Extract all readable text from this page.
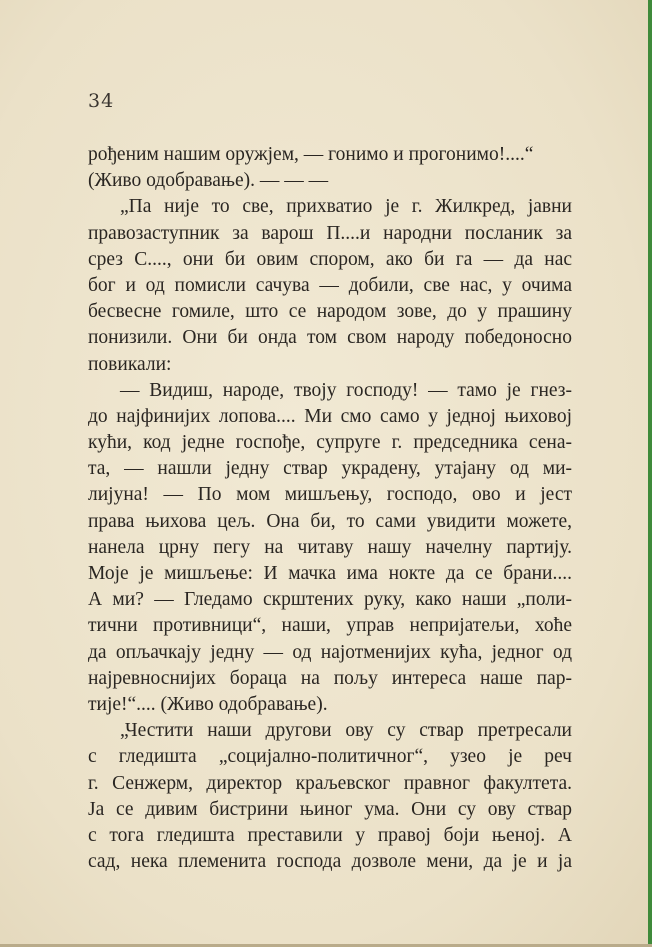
34
рођеним нашим оружјем, — гонимо и прогонимо!....“
(Живо одобравање). — — —
„Па није то све, прихватио је г. Жилкред, јавни
правозаступник за варош П....и народни посланик за
срез С...., они би овим спором, ако би га — да нас
бог и од помисли сачува — добили, све нас, у очима
бесвесне гомиле, што се народом зове, до у прашину
понизили. Они би онда том свом народу победоносно
повикали:
— Видиш, народе, твоју господу! — тамо је гнез-
до најфинијих лопова.... Ми смо само у једној њиховој
кући, код једне госпође, супруге г. председника сена-
та, — нашли једну ствар украдену, утајану од ми-
лијуна! — По мом мишљењу, господо, ово и јест
права њихова цељ. Она би, то сами увидити можете,
нанела црну пегу на читаву нашу начелну партију.
Моје је мишљење: И мачка има нокте да се брани....
А ми? — Гледамо скрштених руку, како наши „поли-
тични противници“, наши, управ непријатељи, хоће
да опљачкају једну — од најотменијих кућа, једног од
најревноснијих бораца на пољу интереса наше пар-
тије!“.... (Живо одобравање).
„Честити наши другови ову су ствар претресали
с гледишта „социјално-политичног“, узео је реч
г. Сенжерм, директор краљевског правног факултета.
Ја се дивим бистрини њиног ума. Они су ову ствар
с тога гледишта преставили у правој боји њеној. А
сад, нека племенита господа дозволе мени, да је и ја
